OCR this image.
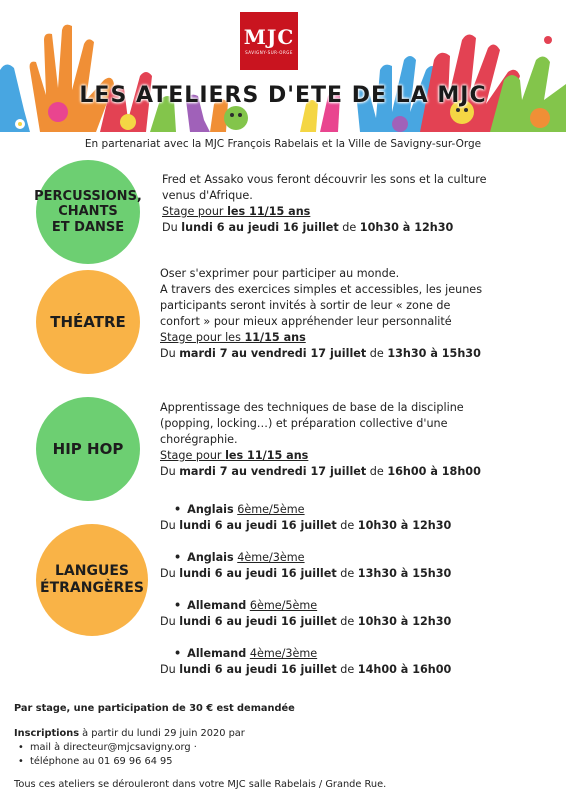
MJC
SAVIGNY-SUR-ORGE
LES ATELIERS D'ETE DE LA MJC
En partenariat avec la MJC François Rabelais et la Ville de Savigny-sur-Orge
PERCUSSIONS,
CHANTS
ET DANSE
Fred et Assako vous feront découvrir les sons et la culture
venus d'Afrique.
Stage pour les 11/15 ans
Du lundi 6 au jeudi 16 juillet de 10h30 à 12h30
THÉATRE
Oser s'exprimer pour participer au monde.
A travers des exercices simples et accessibles, les jeunes
participants seront invités à sortir de leur « zone de
confort » pour mieux appréhender leur personnalité
Stage pour les 11/15 ans
Du mardi 7 au vendredi 17 juillet de 13h30 à 15h30
HIP HOP
Apprentissage des techniques de base de la discipline
(popping, locking…) et préparation collective d'une
chorégraphie.
Stage pour les 11/15 ans
Du mardi 7 au vendredi 17 juillet de 16h00 à 18h00
LANGUES
ÉTRANGÈRES
• Anglais 6ème/5ème
Du lundi 6 au jeudi 16 juillet de 10h30 à 12h30
• Anglais 4ème/3ème
Du lundi 6 au jeudi 16 juillet de 13h30 à 15h30
• Allemand 6ème/5ème
Du lundi 6 au jeudi 16 juillet de 10h30 à 12h30
• Allemand 4ème/3ème
Du lundi 6 au jeudi 16 juillet de 14h00 à 16h00
Par stage, une participation de 30 € est demandée
Inscriptions à partir du lundi 29 juin 2020 par
•  mail à directeur@mjcsavigny.org ·
•  téléphone au 01 69 96 64 95
Tous ces ateliers se dérouleront dans votre MJC salle Rabelais / Grande Rue.
